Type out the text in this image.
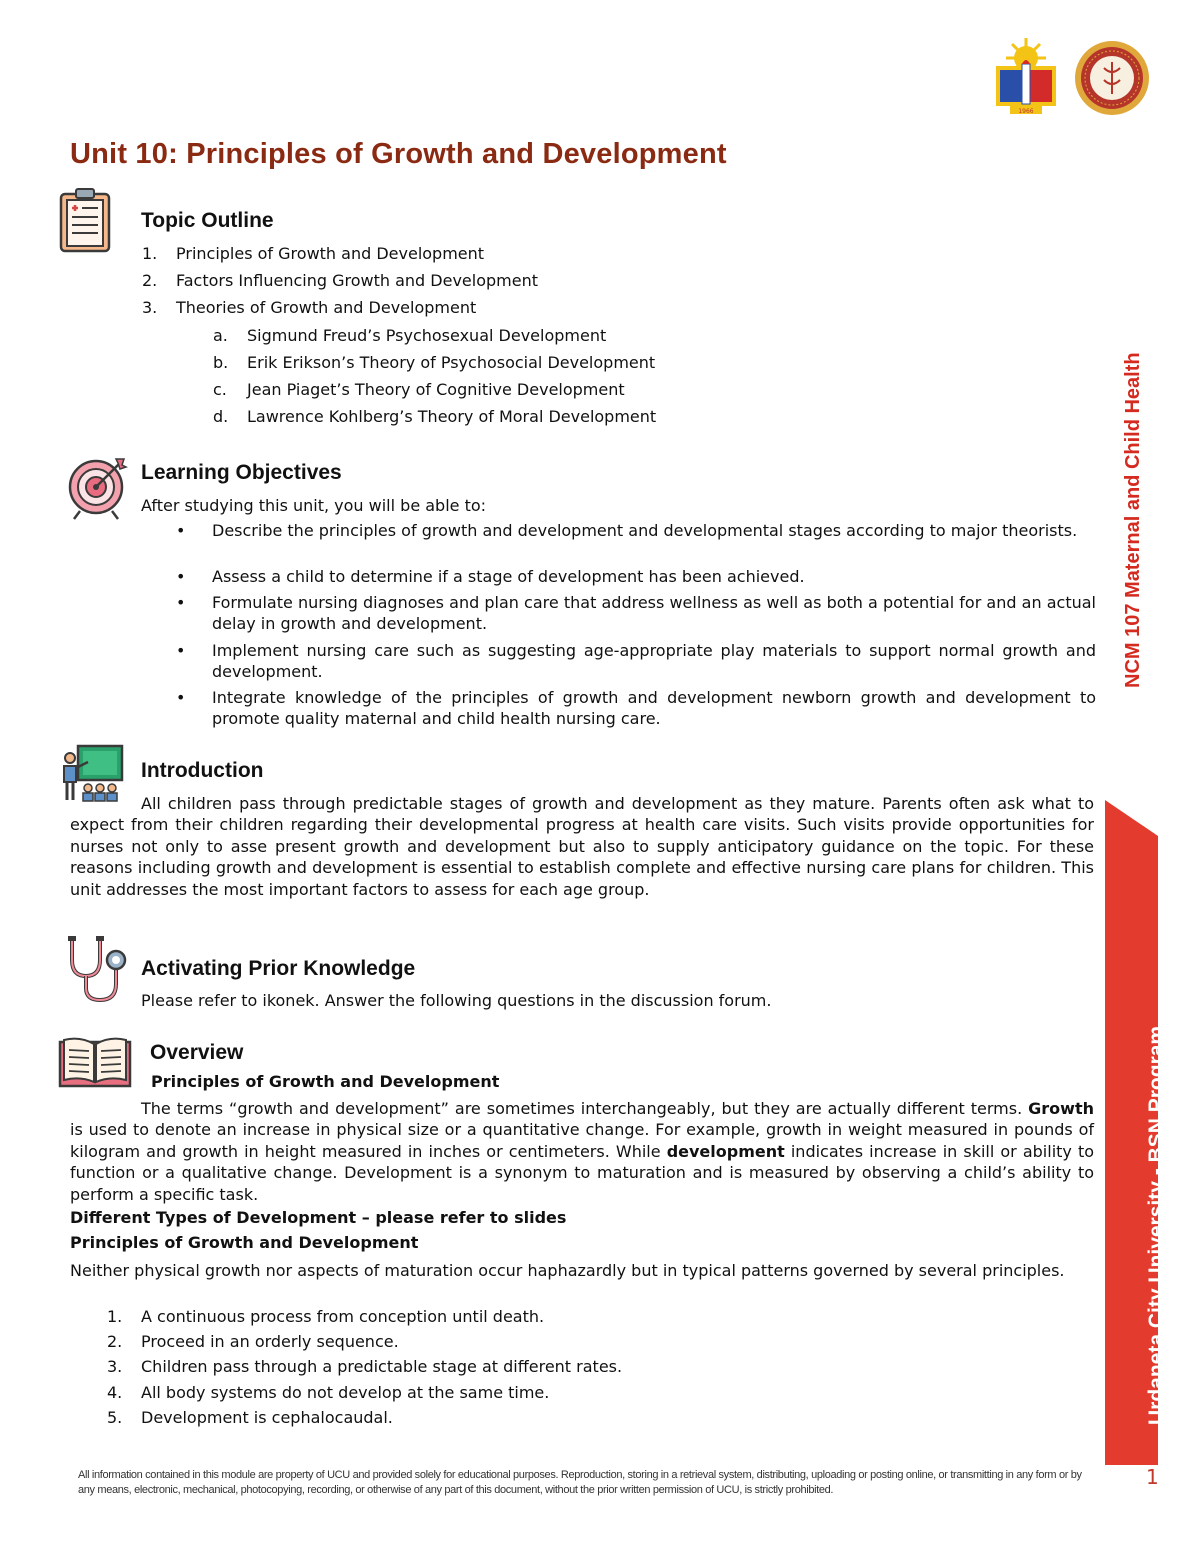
1966
Unit 10: Principles of Growth and Development
Topic Outline
1. Principles of Growth and Development
2. Factors Influencing Growth and Development
3. Theories of Growth and Development
a. Sigmund Freud’s Psychosexual Development
b. Erik Erikson’s Theory of Psychosocial Development
c. Jean Piaget’s Theory of Cognitive Development
d. Lawrence Kohlberg’s Theory of Moral Development
Learning Objectives
After studying this unit, you will be able to:
• Describe the principles of growth and development and developmental stages according to major theorists.
• Assess a child to determine if a stage of development has been achieved.
• Formulate nursing diagnoses and plan care that address wellness as well as both a potential for and an actual delay in growth and development.
• Implement nursing care such as suggesting age-appropriate play materials to support normal growth and development.
• Integrate knowledge of the principles of growth and development newborn growth and development to promote quality maternal and child health nursing care.
Introduction
All children pass through predictable stages of growth and development as they mature. Parents often ask what to expect from their children regarding their developmental progress at health care visits. Such visits provide opportunities for nurses not only to asse present growth and development but also to supply anticipatory guidance on the topic. For these reasons including growth and development is essential to establish complete and effective nursing care plans for children. This unit addresses the most important factors to assess for each age group.
Activating Prior Knowledge
Please refer to ikonek. Answer the following questions in the discussion forum.
Overview
Principles of Growth and Development
The terms “growth and development” are sometimes interchangeably, but they are actually different terms. Growth is used to denote an increase in physical size or a quantitative change. For example, growth in weight measured in pounds of kilogram and growth in height measured in inches or centimeters. While development indicates increase in skill or ability to function or a qualitative change. Development is a synonym to maturation and is measured by observing a child’s ability to perform a specific task.
Different Types of Development – please refer to slides
Principles of Growth and Development
Neither physical growth nor aspects of maturation occur haphazardly but in typical patterns governed by several principles.
1. A continuous process from conception until death.
2. Proceed in an orderly sequence.
3. Children pass through a predictable stage at different rates.
4. All body systems do not develop at the same time.
5. Development is cephalocaudal.
NCM 107 Maternal and Child Health
Urdaneta City University - BSN Program
All information contained in this module are property of UCU and provided solely for educational purposes. Reproduction, storing in a retrieval system, distributing, uploading or posting online, or transmitting in any form or by any means, electronic, mechanical, photocopying, recording, or otherwise of any part of this document, without the prior written permission of UCU, is strictly prohibited.
1
